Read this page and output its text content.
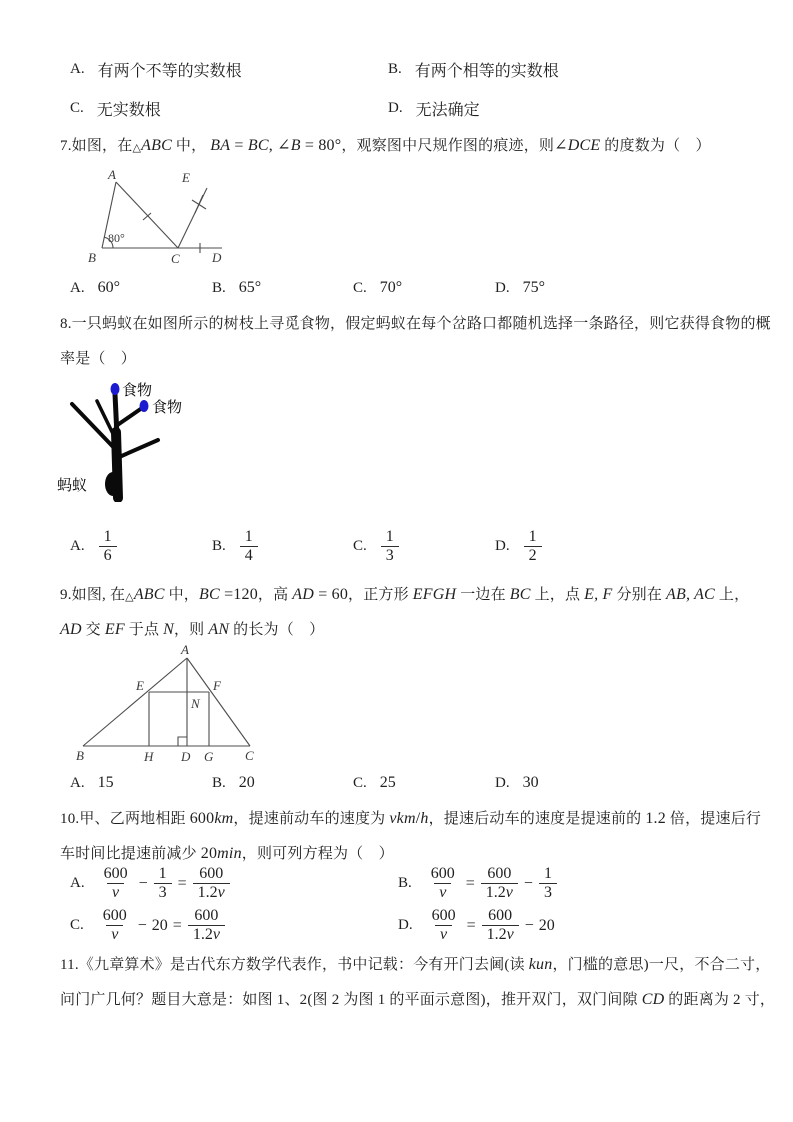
A. 有两个不等的实数根	B. 有两个相等的实数根
C. 无实数根	D. 无法确定
7.如图，在△ABC 中， BA = BC, ∠B = 80°，观察图中尺规作图的痕迹，则∠DCE 的度数为（　）
A
B	C D
E
80°
A. 60°	B. 65°	C. 70°	D. 75°
8.一只蚂蚁在如图所示的树枝上寻觅食物，假定蚂蚁在每个岔路口都随机选择一条路径，则它获得食物的概
率是（　）
食物
食物
蚂蚁
A. $\frac{1}{6}$	B. $\frac{1}{4}$	C. $\frac{1}{3}$	D. $\frac{1}{2}$
9.如图, 在△ABC 中，BC =120，高 AD = 60，正方形 EFGH 一边在 BC 上，点 E, F 分别在 AB, AC 上，
AD 交 EF 于点 N，则 AN 的长为（　）
A
B	C
E	F
N
H D G
A. 15	B. 20	C. 25	D. 30
10.甲、乙两地相距 600km，提速前动车的速度为 vkm/h，提速后动车的速度是提速前的 1.2 倍，提速后行
车时间比提速前减少 20min，则可列方程为（　）
A. $\frac{600}{v} - \frac{1}{3} = \frac{600}{1.2v}$	B. $\frac{600}{v} = \frac{600}{1.2v} - \frac{1}{3}$
C. $\frac{600}{v} - 20 = \frac{600}{1.2v}$	D. $\frac{600}{v} = \frac{600}{1.2v} - 20$
11.《九章算术》是古代东方数学代表作，书中记载：今有开门去阃(读 kun，门槛的意思)一尺，不合二寸，
问门广几何？题目大意是：如图 1、2(图 2 为图 1 的平面示意图)，推开双门，双门间隙 CD 的距离为 2 寸，
